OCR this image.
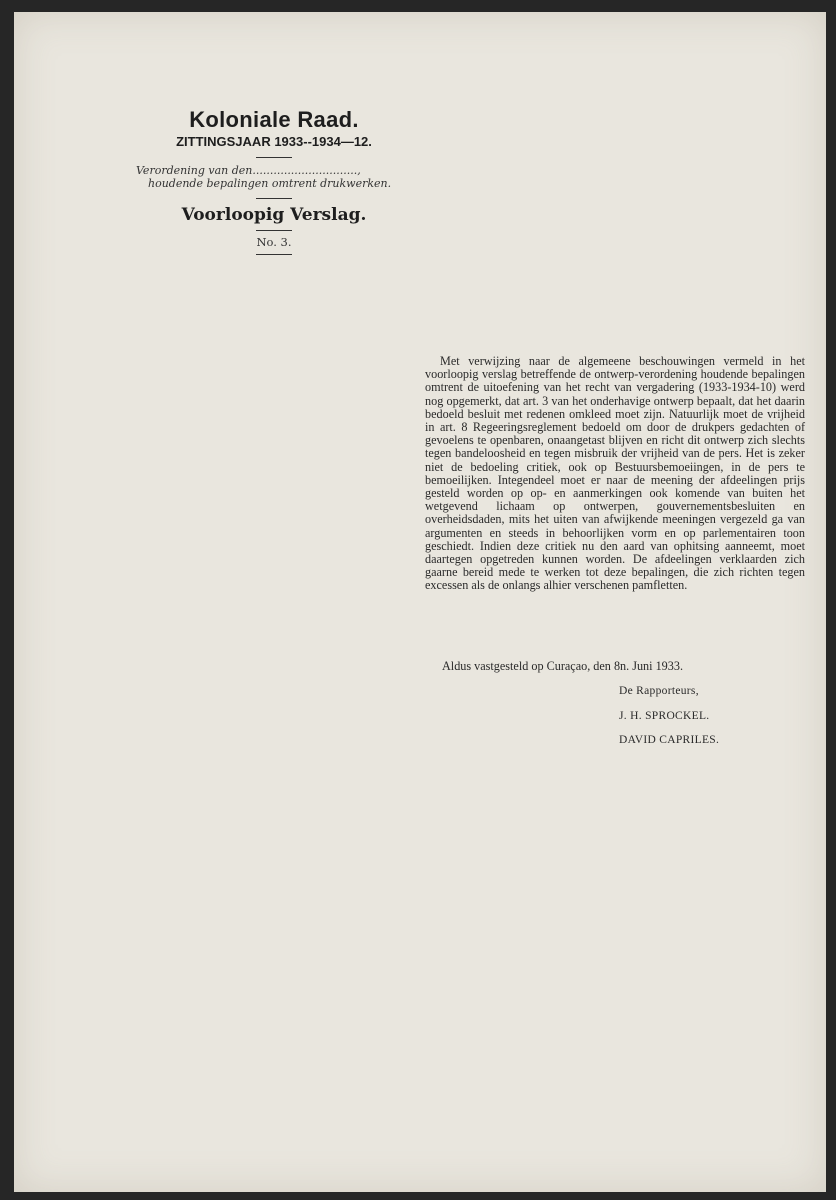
Koloniale Raad.
ZITTINGSJAAR 1933--1934—12.
Verordening van den..............................,
houdende bepalingen omtrent drukwerken.
Voorloopig Verslag.
No. 3.

Met verwijzing naar de algemeene beschouwingen vermeld in het voorloopig verslag betreffende de ontwerp-verordening houdende bepalingen omtrent de uitoefening van het recht van vergadering (1933-1934-10) werd nog opgemerkt, dat art. 3 van het onderhavige ontwerp bepaalt, dat het daarin bedoeld besluit met redenen omkleed moet zijn. Natuurlijk moet de vrijheid in art. 8 Regeeringsreglement bedoeld om door de drukpers gedachten of gevoelens te openbaren, onaangetast blijven en richt dit ontwerp zich slechts tegen bandeloosheid en tegen misbruik der vrijheid van de pers. Het is zeker niet de bedoeling critiek, ook op Bestuursbemoeiingen, in de pers te bemoeilijken. Integendeel moet er naar de meening der afdeelingen prijs gesteld worden op op- en aanmerkingen ook komende van buiten het wetgevend lichaam op ontwerpen, gouvernementsbesluiten en overheidsdaden, mits het uiten van afwijkende meeningen vergezeld ga van argumenten en steeds in behoorlijken vorm en op parlementairen toon geschiedt. Indien deze critiek nu den aard van ophitsing aanneemt, moet daartegen opgetreden kunnen worden. De afdeelingen verklaarden zich gaarne bereid mede te werken tot deze bepalingen, die zich richten tegen excessen als de onlangs alhier verschenen pamfletten.

Aldus vastgesteld op Curaçao, den 8n. Juni 1933.
De Rapporteurs,
J. H. SPROCKEL.
DAVID CAPRILES.
